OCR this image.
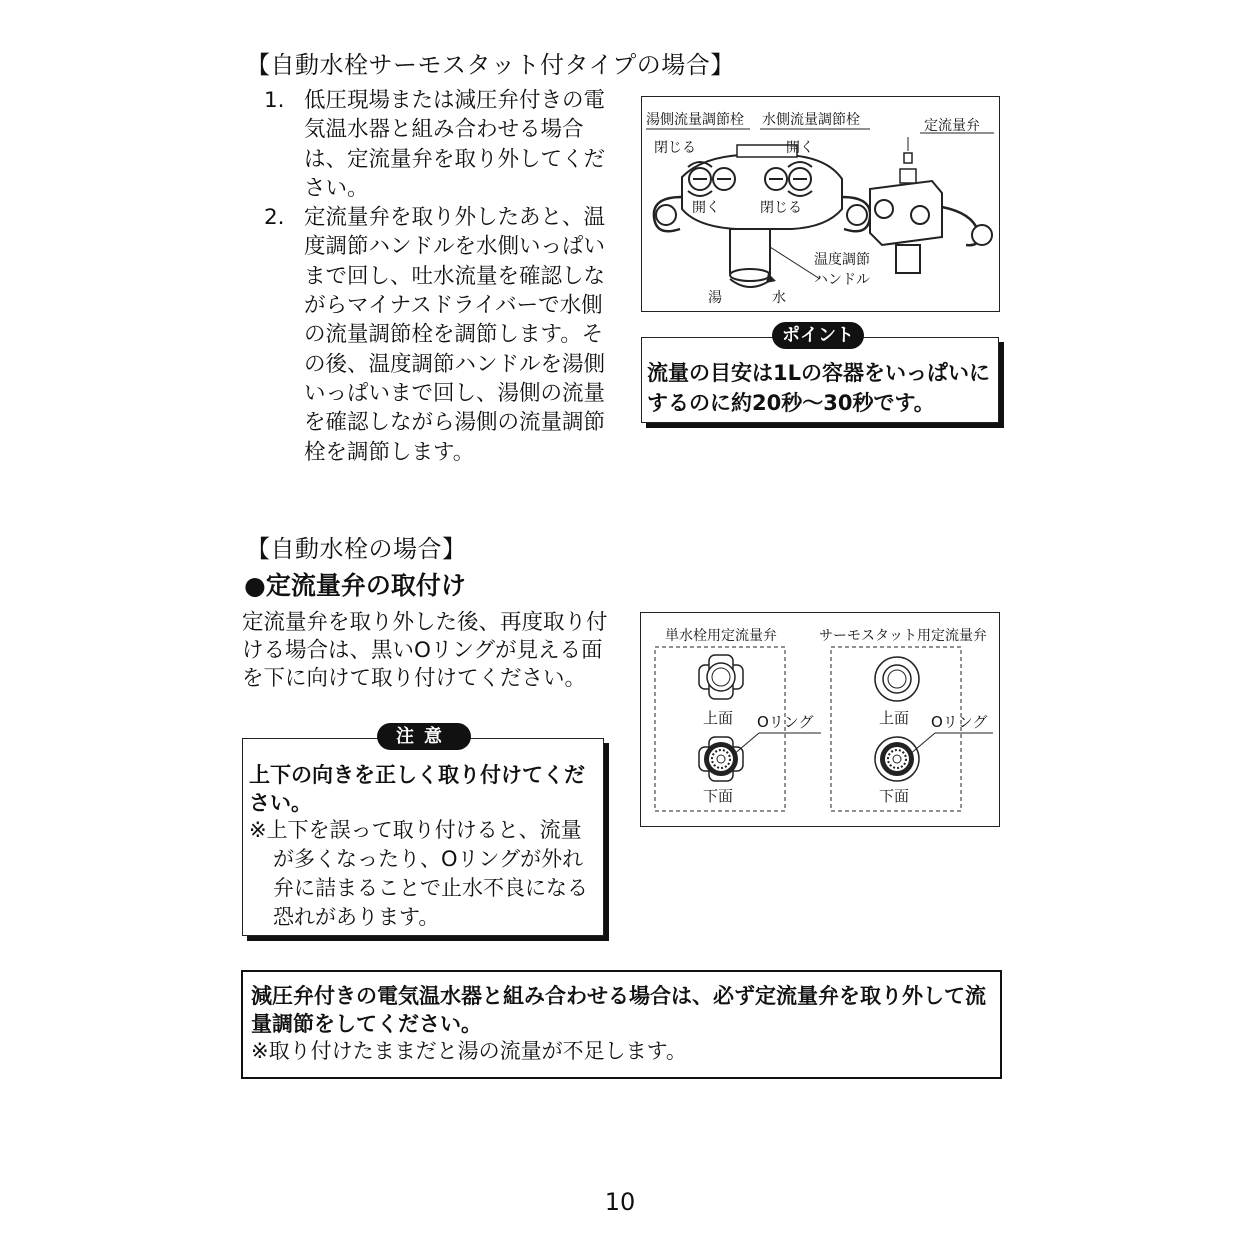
【自動水栓サーモスタット付タイプの場合】
1. 低圧現場または減圧弁付きの電気温水器と組み合わせる場合は、定流量弁を取り外してください。
2. 定流量弁を取り外したあと、温度調節ハンドルを水側いっぱいまで回し、吐水流量を確認しながらマイナスドライバーで水側の流量調節栓を調節します。その後、温度調節ハンドルを湯側いっぱいまで回し、湯側の流量を確認しながら湯側の流量調節栓を調節します。
湯側流量調節栓 水側流量調節栓
閉じる	開く
開く	閉じる
定流量弁
温度調節
ハンドル
湯	水
ポイント
流量の目安は1Lの容器をいっぱいにするのに約20秒〜30秒です。
【自動水栓の場合】
●定流量弁の取付け
定流量弁を取り外した後、再度取り付ける場合は、黒いOリングが見える面を下に向けて取り付けてください。
注意
上下の向きを正しく取り付けてください。
※上下を誤って取り付けると、流量が多くなったり、Oリングが外れ弁に詰まることで止水不良になる恐れがあります。
単水栓用定流量弁	サーモスタット用定流量弁
上面 Oリング
下面
上面 Oリング
下面
減圧弁付きの電気温水器と組み合わせる場合は、必ず定流量弁を取り外して流量調節をしてください。
※取り付けたままだと湯の流量が不足します。
10
